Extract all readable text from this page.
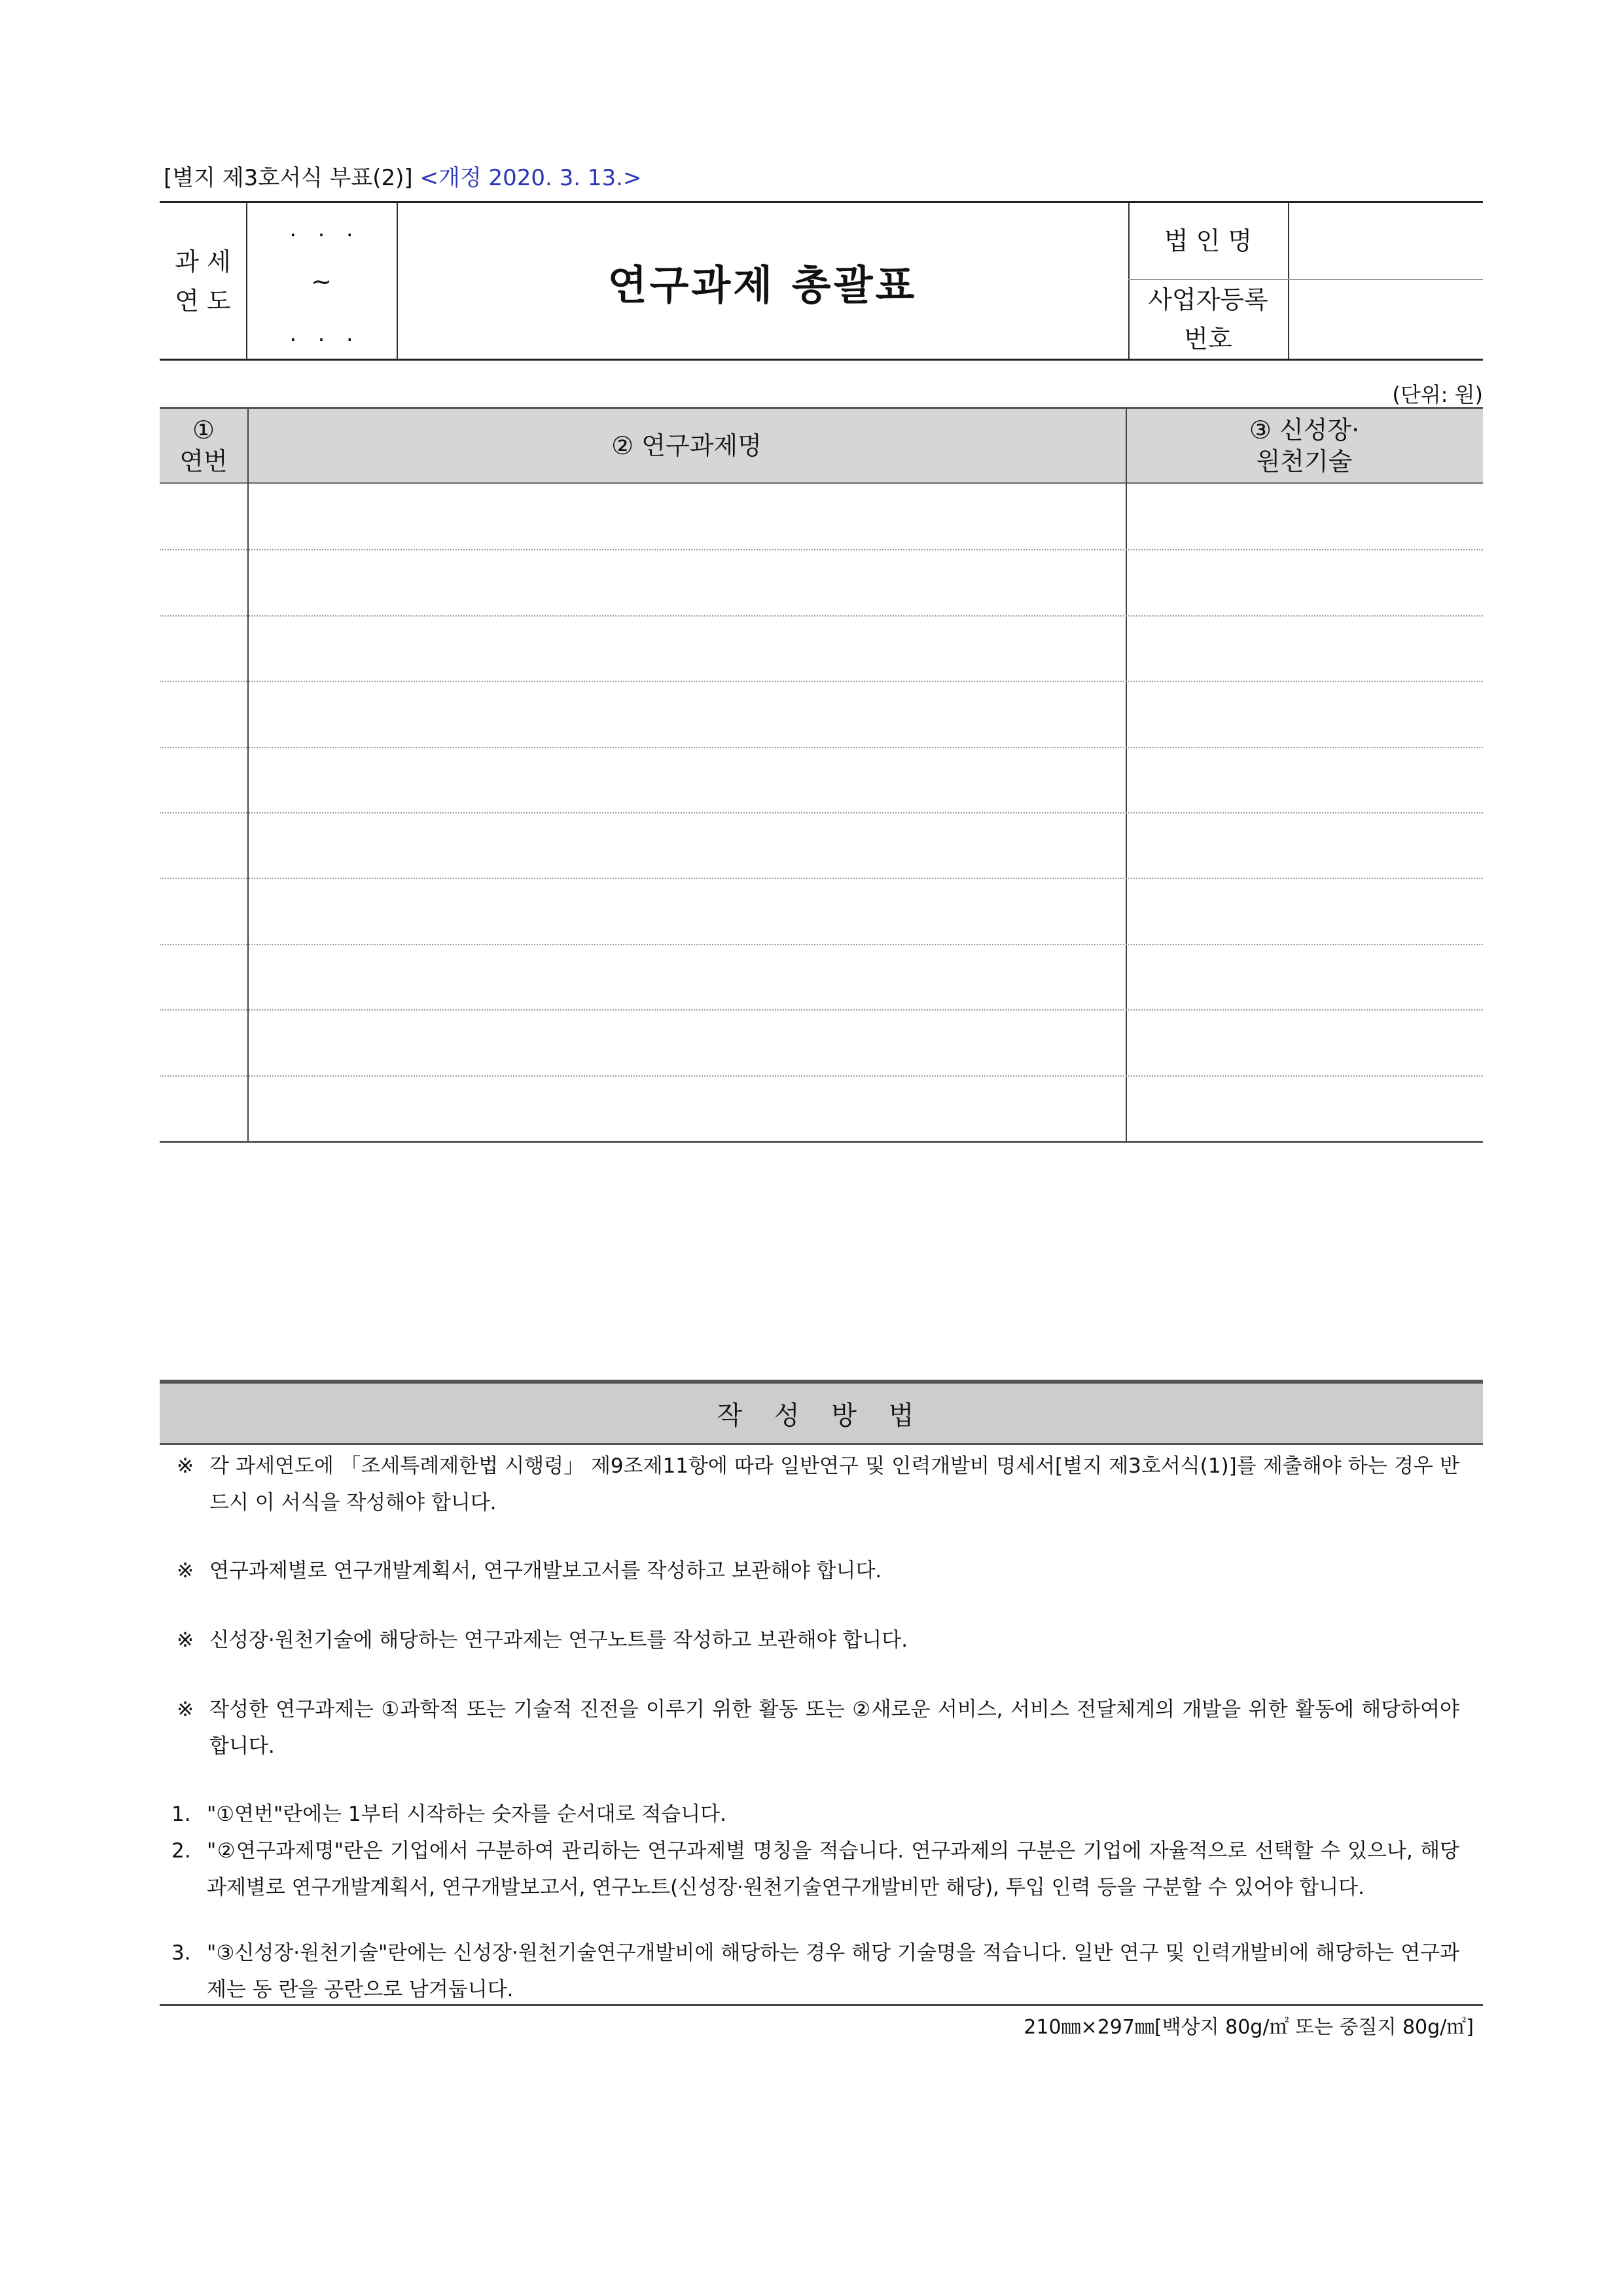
[별지 제3호서식 부표(2)] <개정 2020. 3. 13.>
과 세
연 도
.   .   .
~
.   .   .
연구과제 총괄표
법 인 명
사업자등록
번호
(단위: 원)
①
연번
② 연구과제명
③ 신성장·
원천기술
작 성 방 법
※ 각 과세연도에 「조세특례제한법 시행령」 제9조제11항에 따라 일반연구 및 인력개발비 명세서[별지 제3호서식(1)]를 제출해야 하는 경우 반드시 이 서식을 작성해야 합니다.
※ 연구과제별로 연구개발계획서, 연구개발보고서를 작성하고 보관해야 합니다.
※ 신성장·원천기술에 해당하는 연구과제는 연구노트를 작성하고 보관해야 합니다.
※ 작성한 연구과제는 ①과학적 또는 기술적 진전을 이루기 위한 활동 또는 ②새로운 서비스, 서비스 전달체계의 개발을 위한 활동에 해당하여야 합니다.
1. "①연번"란에는 1부터 시작하는 숫자를 순서대로 적습니다.
2. "②연구과제명"란은 기업에서 구분하여 관리하는 연구과제별 명칭을 적습니다. 연구과제의 구분은 기업에 자율적으로 선택할 수 있으나, 해당 과제별로 연구개발계획서, 연구개발보고서, 연구노트(신성장·원천기술연구개발비만 해당), 투입 인력 등을 구분할 수 있어야 합니다.
3. "③신성장·원천기술"란에는 신성장·원천기술연구개발비에 해당하는 경우 해당 기술명을 적습니다. 일반 연구 및 인력개발비에 해당하는 연구과제는 동 란을 공란으로 남겨둡니다.
210㎜×297㎜[백상지 80g/㎡ 또는 중질지 80g/㎡]
